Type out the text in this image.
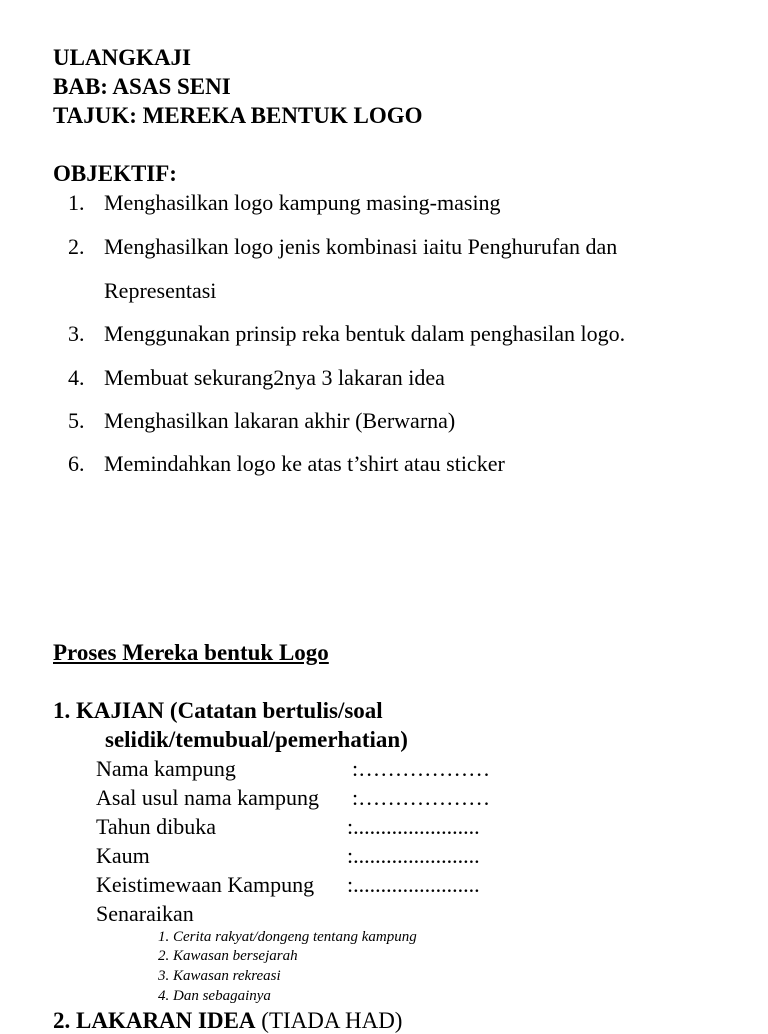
ULANGKAJI
BAB: ASAS SENI
TAJUK: MEREKA BENTUK LOGO
OBJEKTIF:
1. Menghasilkan logo kampung masing-masing
2. Menghasilkan logo jenis kombinasi iaitu Penghurufan dan
Representasi
3. Menggunakan prinsip reka bentuk dalam penghasilan logo.
4. Membuat sekurang2nya 3 lakaran idea
5. Menghasilkan lakaran akhir (Berwarna)
6. Memindahkan logo ke atas t’shirt atau sticker
Proses Mereka bentuk Logo
1. KAJIAN (Catatan bertulis/soal
selidik/temubual/pemerhatian)
Nama kampung	:………………
Asal usul nama kampung :………………
Tahun dibuka	:.......................
Kaum	:.......................
Keistimewaan Kampung :.......................
Senaraikan
1. Cerita rakyat/dongeng tentang kampung
2. Kawasan bersejarah
3. Kawasan rekreasi
4. Dan sebagainya
2. LAKARAN IDEA (TIADA HAD)
